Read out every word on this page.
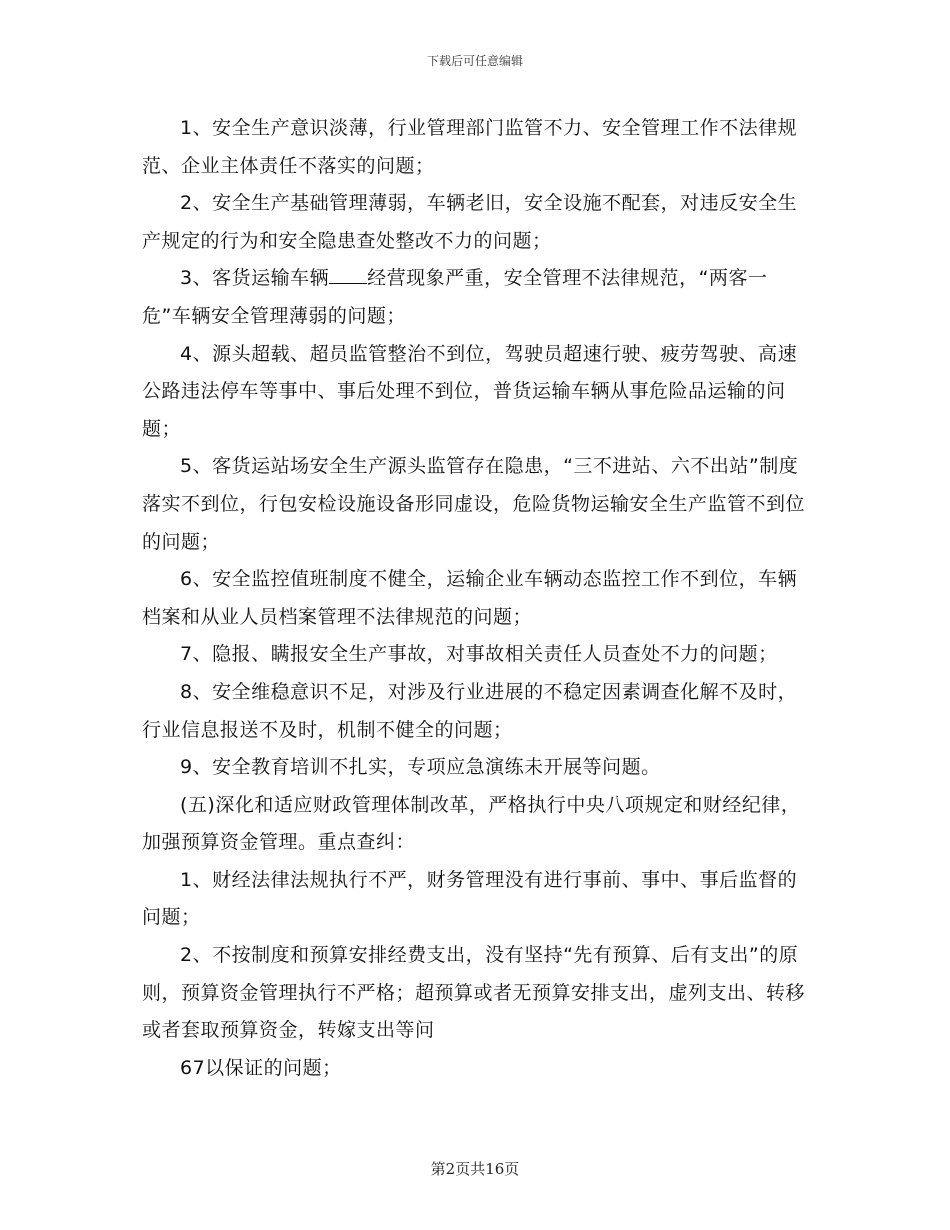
下载后可任意编辑

1、安全生产意识淡薄，行业管理部门监管不力、安全管理工作不法律规范、企业主体责任不落实的问题；

2、安全生产基础管理薄弱，车辆老旧，安全设施不配套，对违反安全生产规定的行为和安全隐患查处整改不力的问题；

3、客货运输车辆 经营现象严重，安全管理不法律规范，“两客一危”车辆安全管理薄弱的问题；

4、源头超载、超员监管整治不到位，驾驶员超速行驶、疲劳驾驶、高速公路违法停车等事中、事后处理不到位，普货运输车辆从事危险品运输的问题；

5、客货运站场安全生产源头监管存在隐患，“三不进站、六不出站”制度落实不到位，行包安检设施设备形同虚设，危险货物运输安全生产监管不到位的问题；

6、安全监控值班制度不健全，运输企业车辆动态监控工作不到位，车辆档案和从业人员档案管理不法律规范的问题；

7、隐报、瞒报安全生产事故，对事故相关责任人员查处不力的问题；

8、安全维稳意识不足，对涉及行业进展的不稳定因素调查化解不及时，行业信息报送不及时，机制不健全的问题；

9、安全教育培训不扎实，专项应急演练未开展等问题。

(五)深化和适应财政管理体制改革，严格执行中央八项规定和财经纪律，加强预算资金管理。重点查纠：

1、财经法律法规执行不严，财务管理没有进行事前、事中、事后监督的问题；

2、不按制度和预算安排经费支出，没有坚持“先有预算、后有支出”的原则，预算资金管理执行不严格；超预算或者无预算安排支出，虚列支出、转移或者套取预算资金，转嫁支出等问

67以保证的问题；

第2页共16页
